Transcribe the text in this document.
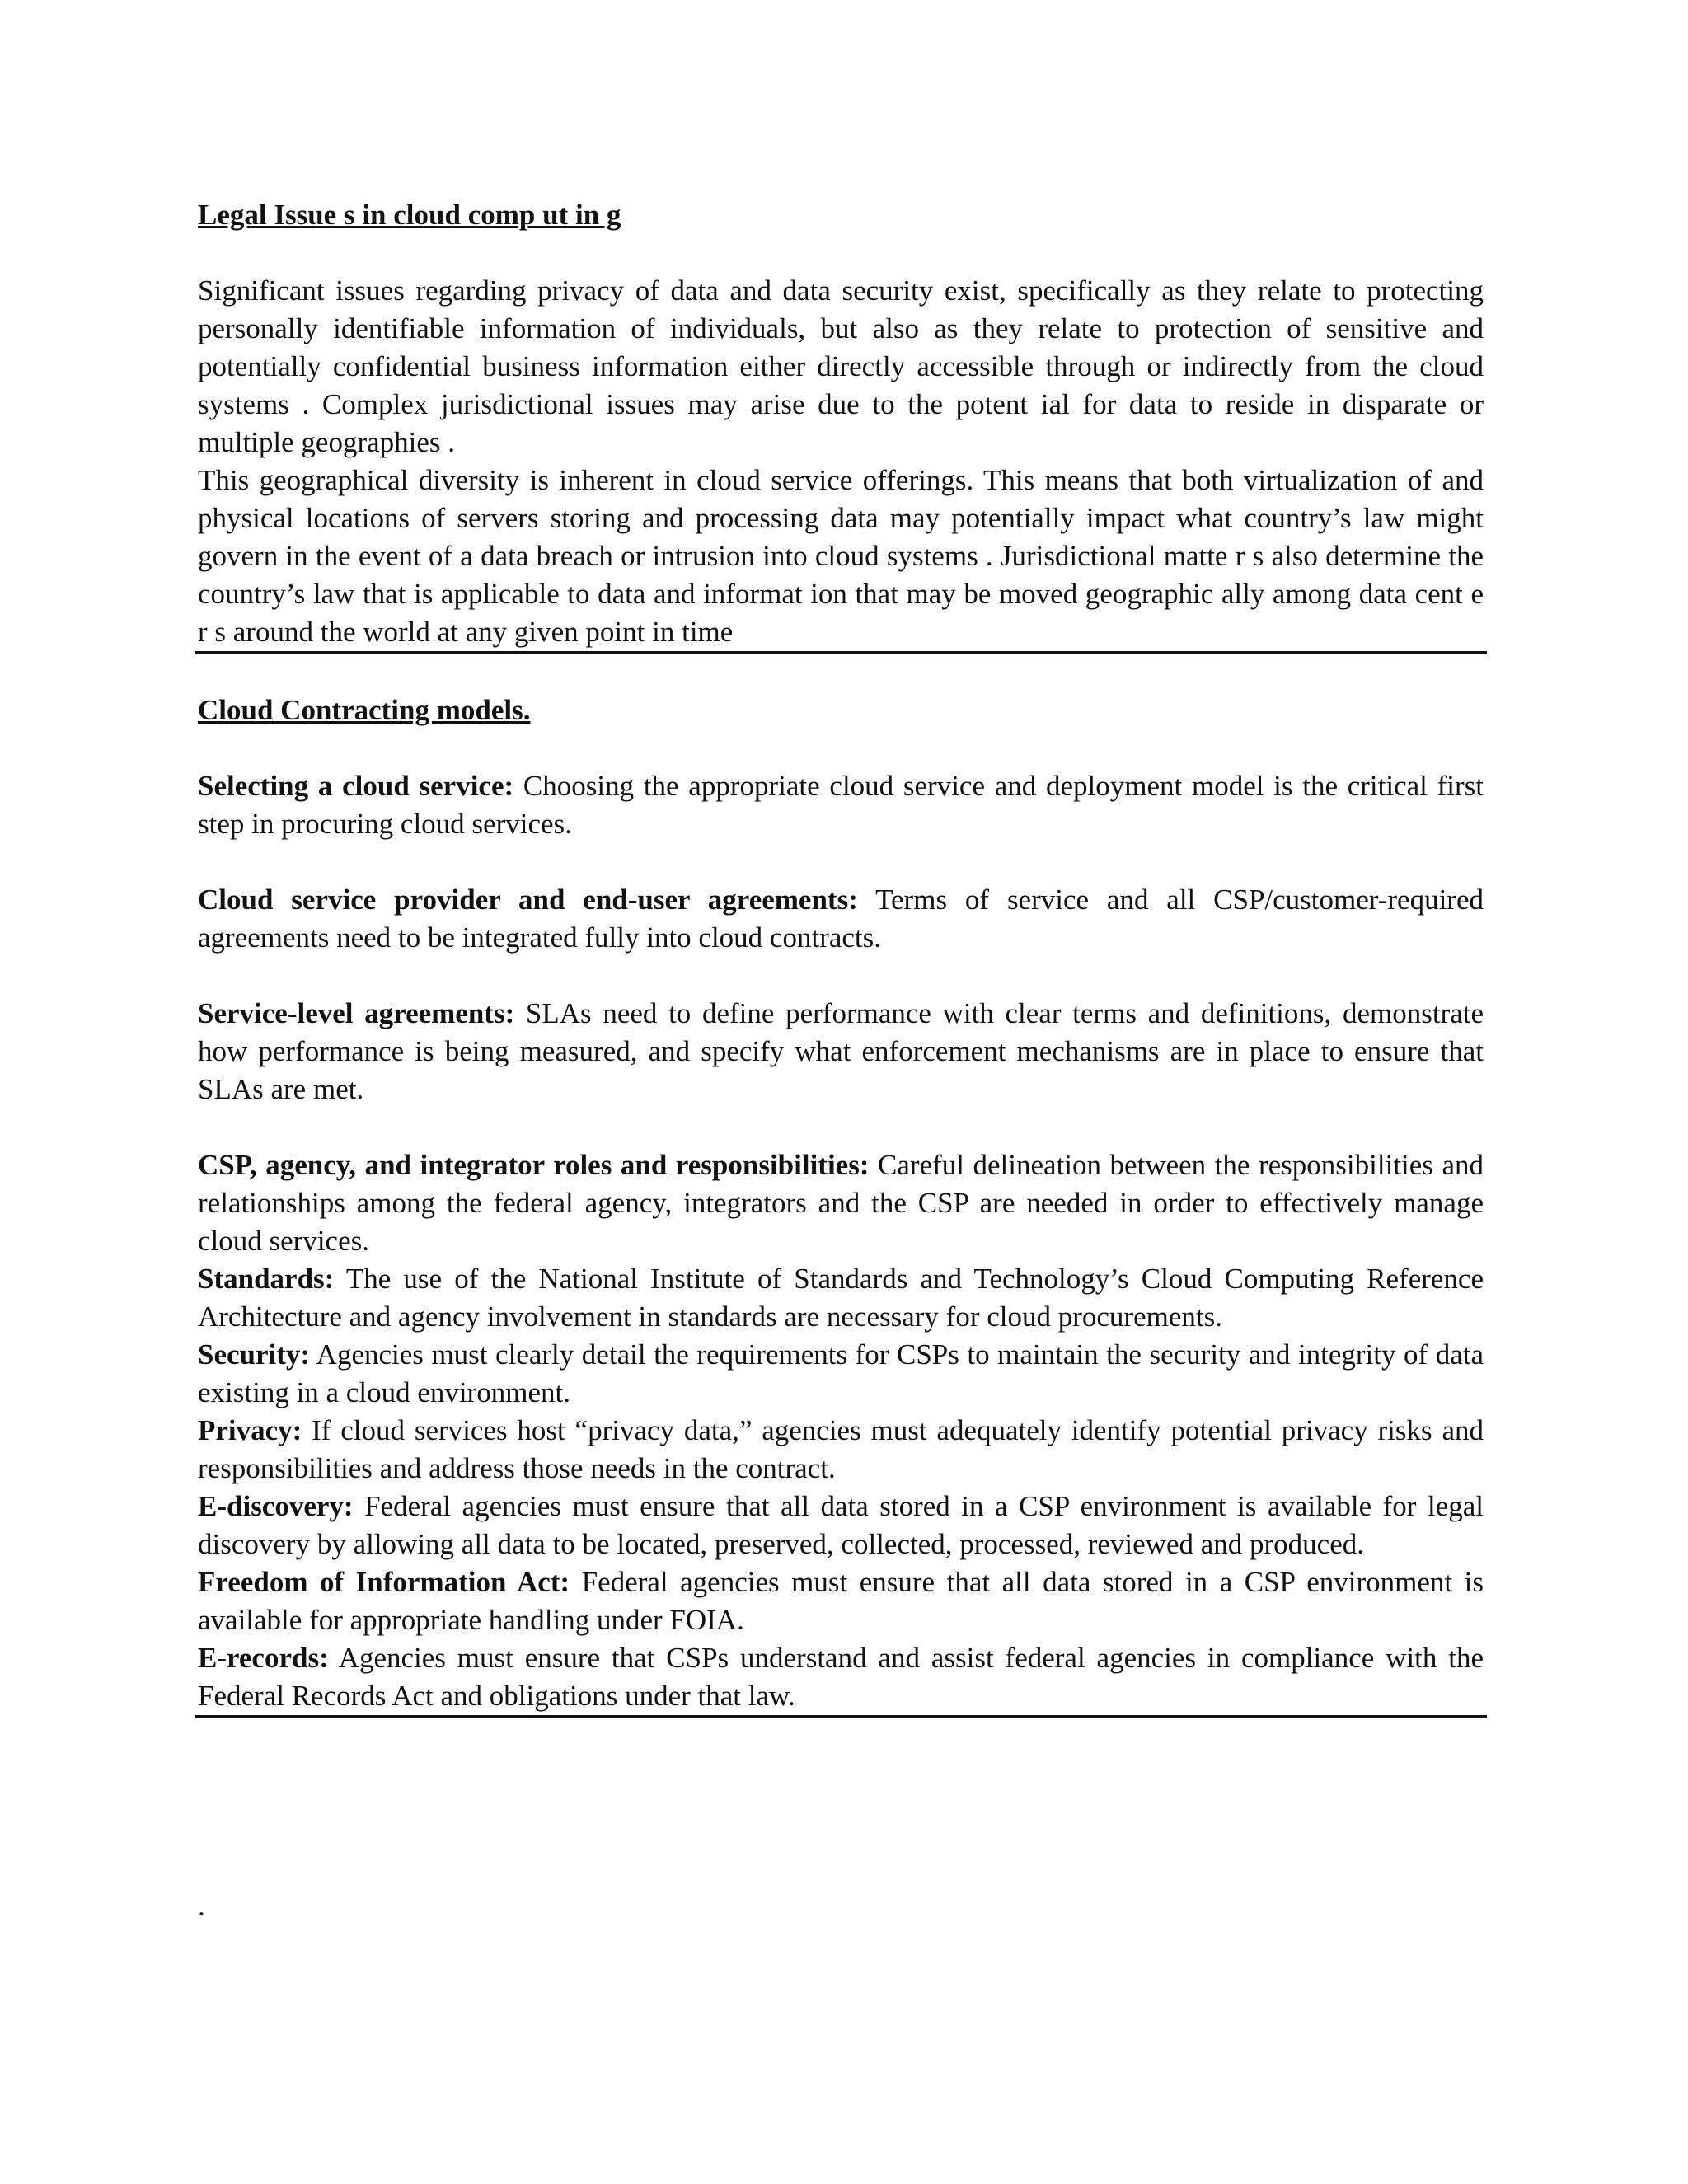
Legal Issue s in cloud comp ut in g

Significant issues regarding privacy of data and data security exist, specifically as they relate to protecting personally identifiable information of individuals, but also as they relate to protection of sensitive and potentially confidential business information either directly accessible through or indirectly from the cloud systems . Complex jurisdictional issues may arise due to the potent ial for data to reside in disparate or multiple geographies .

This geographical diversity is inherent in cloud service offerings. This means that both virtualization of and physical locations of servers storing and processing data may potentially impact what country’s law might govern in the event of a data breach or intrusion into cloud systems . Jurisdictional matte r s also determine the country’s law that is applicable to data and informat ion that may be moved geographic ally among data cent e r s around the world at any given point in time

Cloud Contracting models.

Selecting a cloud service: Choosing the appropriate cloud service and deployment model is the critical first step in procuring cloud services.

Cloud service provider and end-user agreements: Terms of service and all CSP/customer-required agreements need to be integrated fully into cloud contracts.

Service-level agreements: SLAs need to define performance with clear terms and definitions, demonstrate how performance is being measured, and specify what enforcement mechanisms are in place to ensure that SLAs are met.

CSP, agency, and integrator roles and responsibilities: Careful delineation between the responsibilities and relationships among the federal agency, integrators and the CSP are needed in order to effectively manage cloud services.

Standards: The use of the National Institute of Standards and Technology’s Cloud Computing Reference Architecture and agency involvement in standards are necessary for cloud procurements.

Security: Agencies must clearly detail the requirements for CSPs to maintain the security and integrity of data existing in a cloud environment.

Privacy: If cloud services host “privacy data,” agencies must adequately identify potential privacy risks and responsibilities and address those needs in the contract.

E-discovery: Federal agencies must ensure that all data stored in a CSP environment is available for legal discovery by allowing all data to be located, preserved, collected, processed, reviewed and produced.

Freedom of Information Act: Federal agencies must ensure that all data stored in a CSP environment is available for appropriate handling under FOIA.

E-records: Agencies must ensure that CSPs understand and assist federal agencies in compliance with the Federal Records Act and obligations under that law.

.
